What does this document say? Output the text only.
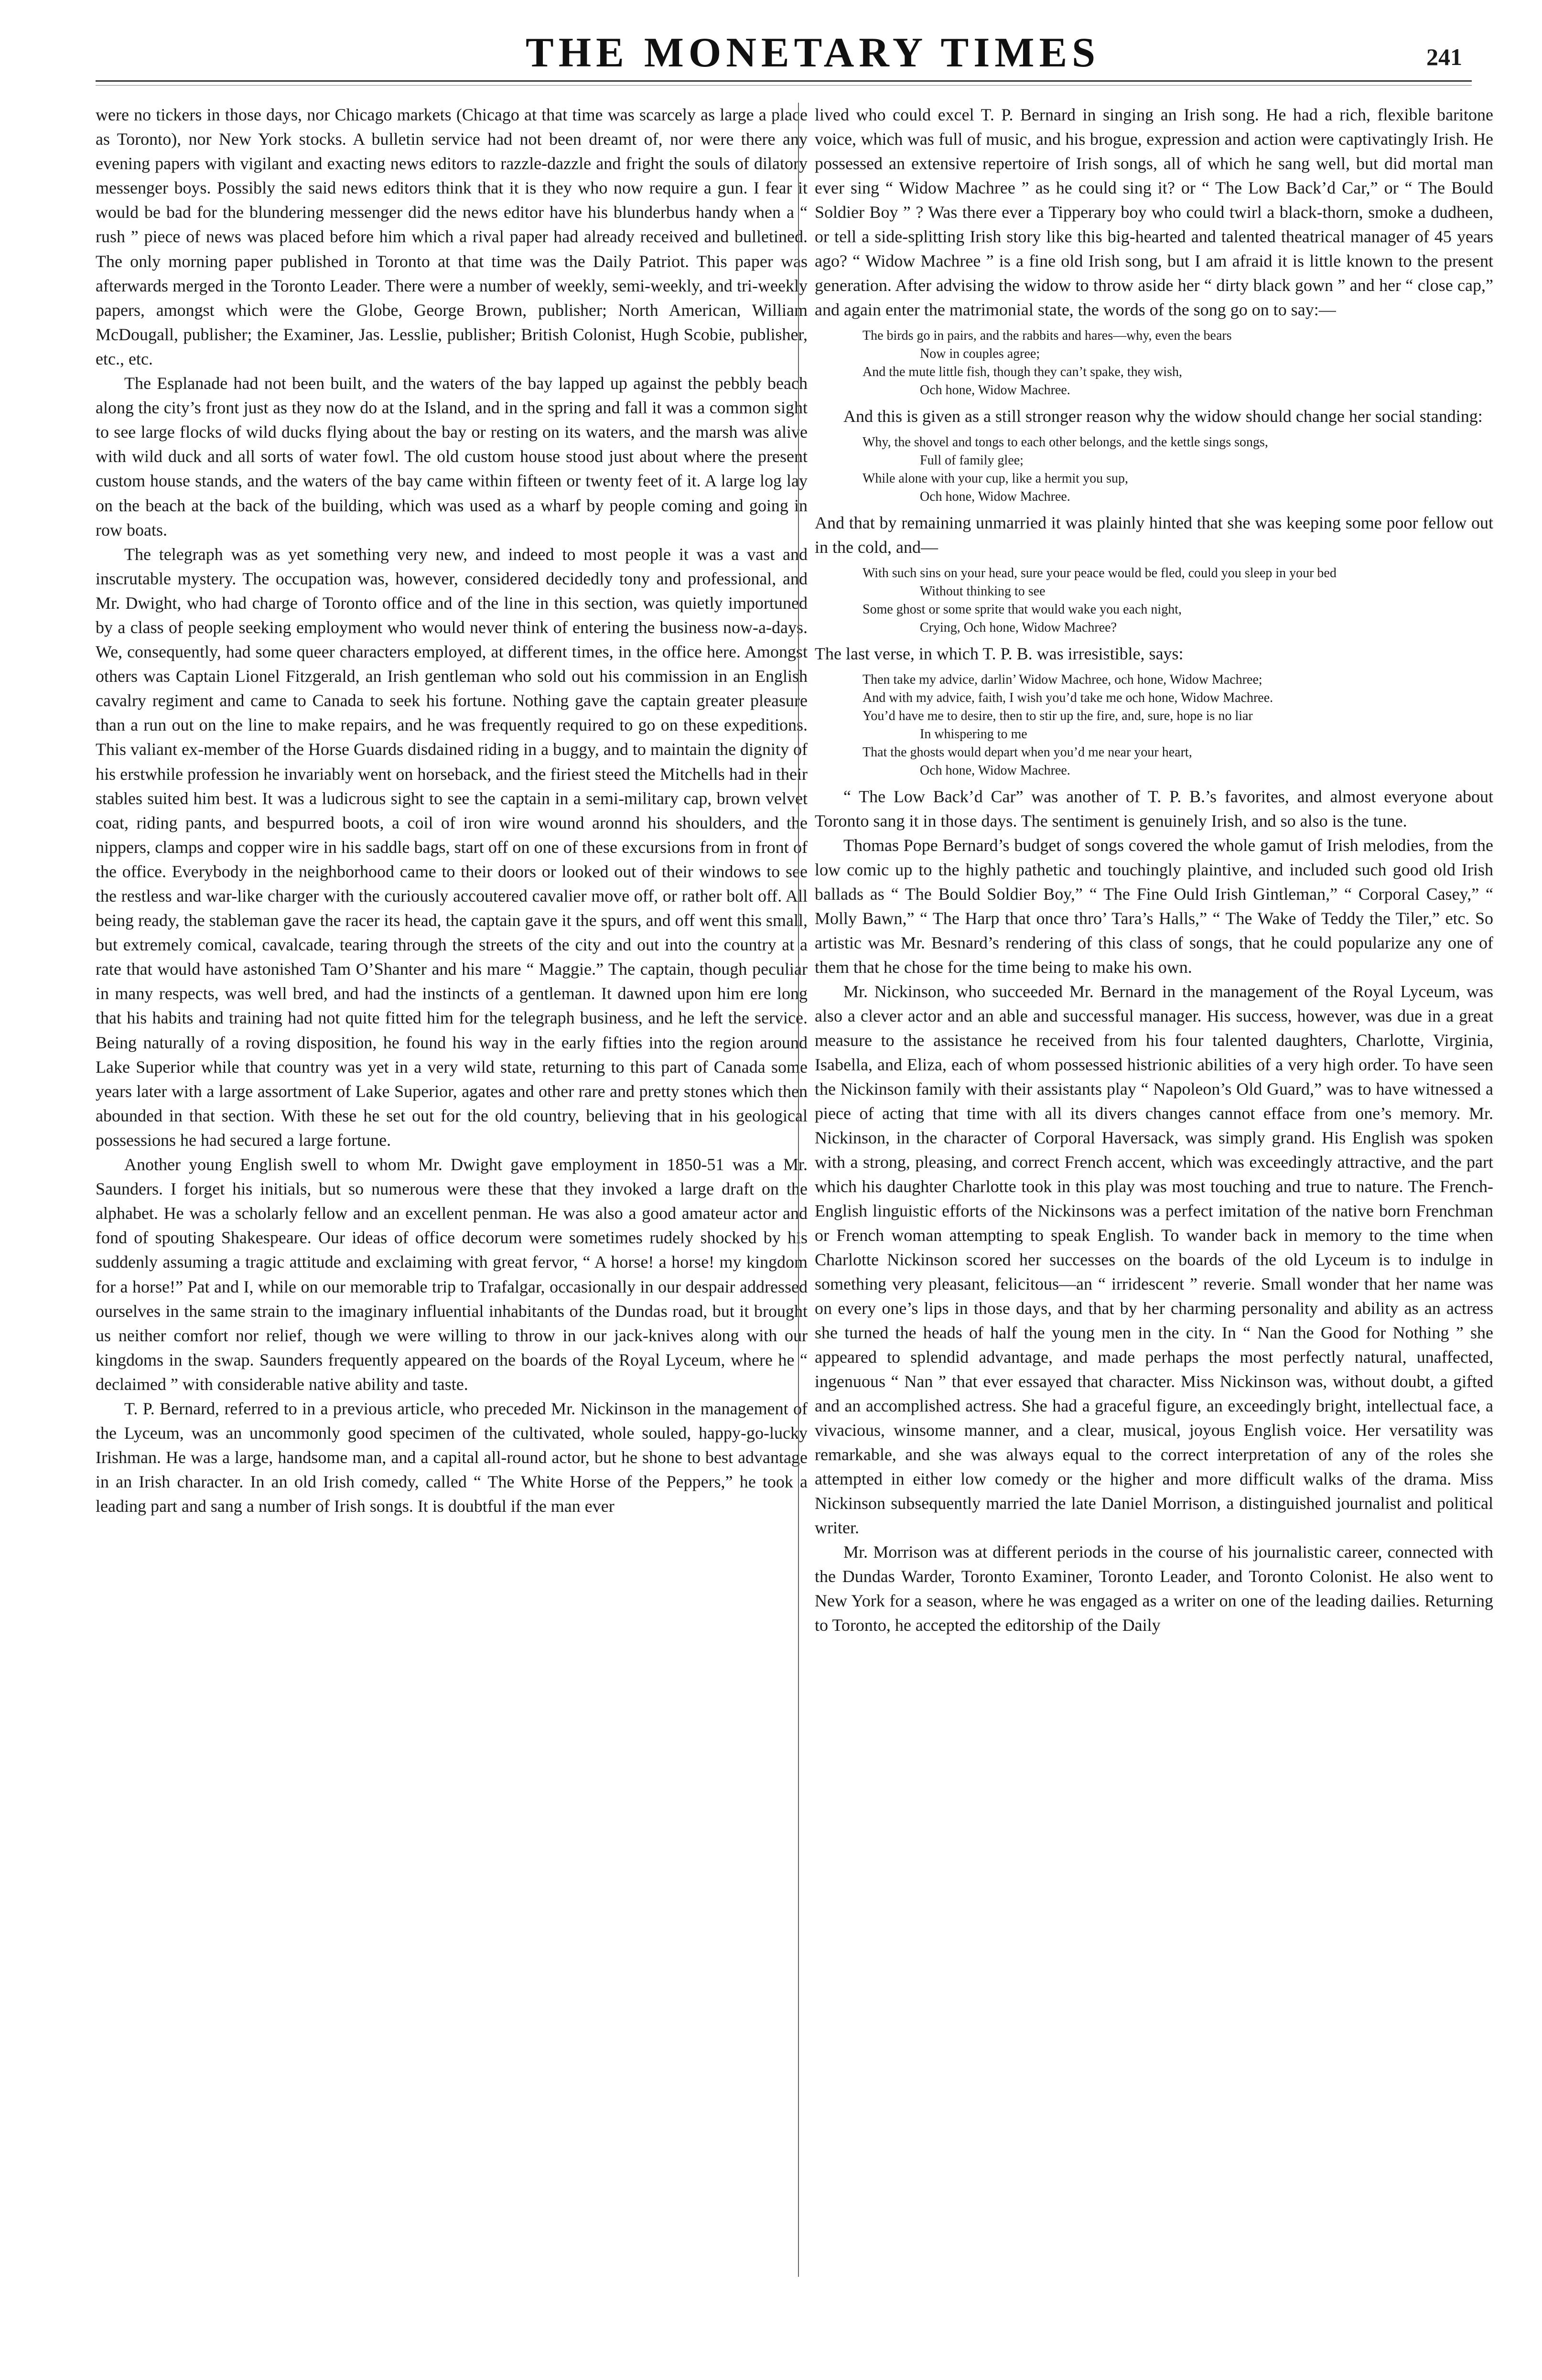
THE MONETARY TIMES	241

were no tickers in those days, nor Chicago markets (Chicago at that time was scarcely as large a place as Toronto), nor New York stocks. A bulletin service had not been dreamt of, nor were there any evening papers with vigilant and exacting news editors to razzle-dazzle and fright the souls of dilatory messenger boys. Possibly the said news editors think that it is they who now require a gun. I fear it would be bad for the blundering messenger did the news editor have his blunderbus handy when a “ rush ” piece of news was placed before him which a rival paper had already received and bulletined. The only morning paper published in Toronto at that time was the Daily Patriot. This paper was afterwards merged in the Toronto Leader. There were a number of weekly, semi-weekly, and tri-weekly papers, amongst which were the Globe, George Brown, publisher; North American, William McDougall, publisher; the Examiner, Jas. Lesslie, publisher; British Colonist, Hugh Scobie, publisher, etc., etc.

The Esplanade had not been built, and the waters of the bay lapped up against the pebbly beach along the city’s front just as they now do at the Island, and in the spring and fall it was a common sight to see large flocks of wild ducks flying about the bay or resting on its waters, and the marsh was alive with wild duck and all sorts of water fowl. The old custom house stood just about where the present custom house stands, and the waters of the bay came within fifteen or twenty feet of it. A large log lay on the beach at the back of the building, which was used as a wharf by people coming and going in row boats.

The telegraph was as yet something very new, and indeed to most people it was a vast and inscrutable mystery. The occupation was, however, considered decidedly tony and professional, and Mr. Dwight, who had charge of Toronto office and of the line in this section, was quietly importuned by a class of people seeking employment who would never think of entering the business now-a-days. We, consequently, had some queer characters employed, at different times, in the office here. Amongst others was Captain Lionel Fitzgerald, an Irish gentleman who sold out his commission in an English cavalry regiment and came to Canada to seek his fortune. Nothing gave the captain greater pleasure than a run out on the line to make repairs, and he was frequently required to go on these expeditions. This valiant ex-member of the Horse Guards disdained riding in a buggy, and to maintain the dignity of his erstwhile profession he invariably went on horseback, and the firiest steed the Mitchells had in their stables suited him best. It was a ludicrous sight to see the captain in a semi-military cap, brown velvet coat, riding pants, and bespurred boots, a coil of iron wire wound aronnd his shoulders, and the nippers, clamps and copper wire in his saddle bags, start off on one of these excursions from in front of the office. Everybody in the neighborhood came to their doors or looked out of their windows to see the restless and war-like charger with the curiously accoutered cavalier move off, or rather bolt off. All being ready, the stableman gave the racer its head, the captain gave it the spurs, and off went this small, but extremely comical, cavalcade, tearing through the streets of the city and out into the country at a rate that would have astonished Tam O’Shanter and his mare “ Maggie.” The captain, though peculiar in many respects, was well bred, and had the instincts of a gentleman. It dawned upon him ere long that his habits and training had not quite fitted him for the telegraph business, and he left the service. Being naturally of a roving disposition, he found his way in the early fifties into the region around Lake Superior while that country was yet in a very wild state, returning to this part of Canada some years later with a large assortment of Lake Superior, agates and other rare and pretty stones which then abounded in that section. With these he set out for the old country, believing that in his geological possessions he had secured a large fortune.

Another young English swell to whom Mr. Dwight gave employment in 1850-51 was a Mr. Saunders. I forget his initials, but so numerous were these that they invoked a large draft on the alphabet. He was a scholarly fellow and an excellent penman. He was also a good amateur actor and fond of spouting Shakespeare. Our ideas of office decorum were sometimes rudely shocked by his suddenly assuming a tragic attitude and exclaiming with great fervor, “ A horse! a horse! my kingdom for a horse!” Pat and I, while on our memorable trip to Trafalgar, occasionally in our despair addressed ourselves in the same strain to the imaginary influential inhabitants of the Dundas road, but it brought us neither comfort nor relief, though we were willing to throw in our jack-knives along with our kingdoms in the swap. Saunders frequently appeared on the boards of the Royal Lyceum, where he “ declaimed ” with considerable native ability and taste.

T. P. Bernard, referred to in a previous article, who preceded Mr. Nickinson in the management of the Lyceum, was an uncommonly good specimen of the cultivated, whole souled, happy-go-lucky Irishman. He was a large, handsome man, and a capital all-round actor, but he shone to best advantage in an Irish character. In an old Irish comedy, called “ The White Horse of the Peppers,” he took a leading part and sang a number of Irish songs. It is doubtful if the man ever

lived who could excel T. P. Bernard in singing an Irish song. He had a rich, flexible baritone voice, which was full of music, and his brogue, expression and action were captivatingly Irish. He possessed an extensive repertoire of Irish songs, all of which he sang well, but did mortal man ever sing “ Widow Machree ” as he could sing it? or “ The Low Back’d Car,” or “ The Bould Soldier Boy ” ? Was there ever a Tipperary boy who could twirl a black-thorn, smoke a dudheen, or tell a side-splitting Irish story like this big-hearted and talented theatrical manager of 45 years ago? “ Widow Machree ” is a fine old Irish song, but I am afraid it is little known to the present generation. After advising the widow to throw aside her “ dirty black gown ” and her “ close cap,” and again enter the matrimonial state, the words of the song go on to say:—

The birds go in pairs, and the rabbits and hares—why, even the bears
Now in couples agree;
And the mute little fish, though they can’t spake, they wish,
Och hone, Widow Machree.

And this is given as a still stronger reason why the widow should change her social standing:

Why, the shovel and tongs to each other belongs, and the kettle sings songs,
Full of family glee;
While alone with your cup, like a hermit you sup,
Och hone, Widow Machree.

And that by remaining unmarried it was plainly hinted that she was keeping some poor fellow out in the cold, and—

With such sins on your head, sure your peace would be fled, could you sleep in your bed
Without thinking to see
Some ghost or some sprite that would wake you each night,
Crying, Och hone, Widow Machree?

The last verse, in which T. P. B. was irresistible, says:

Then take my advice, darlin’ Widow Machree, och hone, Widow Machree;
And with my advice, faith, I wish you’d take me och hone, Widow Machree.
You’d have me to desire, then to stir up the fire, and, sure, hope is no liar
In whispering to me
That the ghosts would depart when you’d me near your heart,
Och hone, Widow Machree.

“ The Low Back’d Car” was another of T. P. B.’s favorites, and almost everyone about Toronto sang it in those days. The sentiment is genuinely Irish, and so also is the tune.

Thomas Pope Bernard’s budget of songs covered the whole gamut of Irish melodies, from the low comic up to the highly pathetic and touchingly plaintive, and included such good old Irish ballads as “ The Bould Soldier Boy,” “ The Fine Ould Irish Gintleman,” “ Corporal Casey,” “ Molly Bawn,” “ The Harp that once thro’ Tara’s Halls,” “ The Wake of Teddy the Tiler,” etc. So artistic was Mr. Besnard’s rendering of this class of songs, that he could popularize any one of them that he chose for the time being to make his own.

Mr. Nickinson, who succeeded Mr. Bernard in the management of the Royal Lyceum, was also a clever actor and an able and successful manager. His success, however, was due in a great measure to the assistance he received from his four talented daughters, Charlotte, Virginia, Isabella, and Eliza, each of whom possessed histrionic abilities of a very high order. To have seen the Nickinson family with their assistants play “ Napoleon’s Old Guard,” was to have witnessed a piece of acting that time with all its divers changes cannot efface from one’s memory. Mr. Nickinson, in the character of Corporal Haversack, was simply grand. His English was spoken with a strong, pleasing, and correct French accent, which was exceedingly attractive, and the part which his daughter Charlotte took in this play was most touching and true to nature. The French-English linguistic efforts of the Nickinsons was a perfect imitation of the native born Frenchman or French woman attempting to speak English. To wander back in memory to the time when Charlotte Nickinson scored her successes on the boards of the old Lyceum is to indulge in something very pleasant, felicitous—an “ irridescent ” reverie. Small wonder that her name was on every one’s lips in those days, and that by her charming personality and ability as an actress she turned the heads of half the young men in the city. In “ Nan the Good for Nothing ” she appeared to splendid advantage, and made perhaps the most perfectly natural, unaffected, ingenuous “ Nan ” that ever essayed that character. Miss Nickinson was, without doubt, a gifted and an accomplished actress. She had a graceful figure, an exceedingly bright, intellectual face, a vivacious, winsome manner, and a clear, musical, joyous English voice. Her versatility was remarkable, and she was always equal to the correct interpretation of any of the roles she attempted in either low comedy or the higher and more difficult walks of the drama. Miss Nickinson subsequently married the late Daniel Morrison, a distinguished journalist and political writer.

Mr. Morrison was at different periods in the course of his journalistic career, connected with the Dundas Warder, Toronto Examiner, Toronto Leader, and Toronto Colonist. He also went to New York for a season, where he was engaged as a writer on one of the leading dailies. Returning to Toronto, he accepted the editorship of the Daily
